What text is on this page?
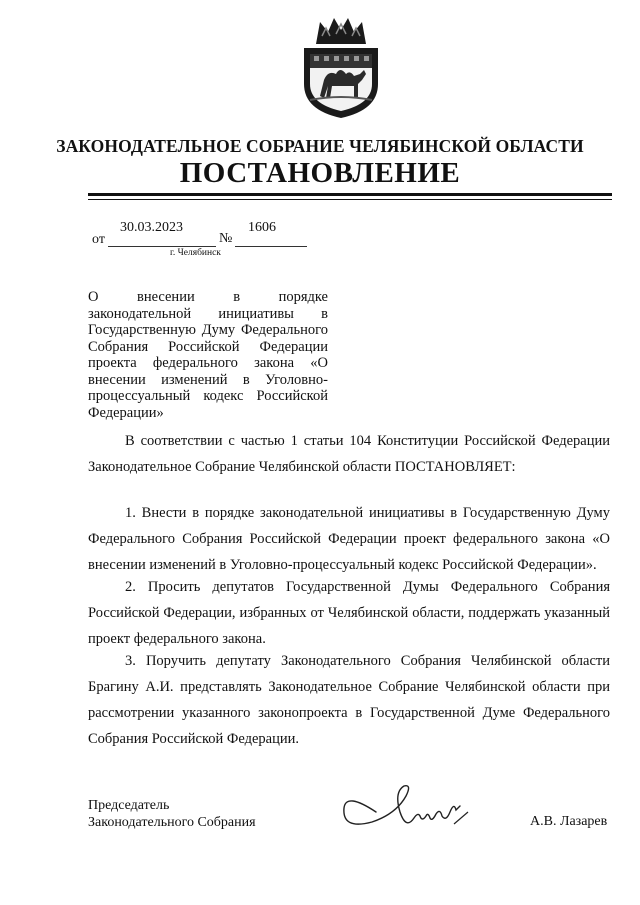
ЗАКОНОДАТЕЛЬНОЕ СОБРАНИЕ ЧЕЛЯБИНСКОЙ ОБЛАСТИ
ПОСТАНОВЛЕНИЕ
от
30.03.2023
№
1606
г. Челябинск
О внесении в порядке законодательной инициативы в Государственную Думу Федерального Собрания Российской Федерации проекта федерального закона «О внесении изменений в Уголовно-процессуальный кодекс Российской Федерации»

В соответствии с частью 1 статьи 104 Конституции Российской Федерации Законодательное Собрание Челябинской области ПОСТАНОВЛЯЕТ:

1. Внести в порядке законодательной инициативы в Государственную Думу Федерального Собрания Российской Федерации проект федерального закона «О внесении изменений в Уголовно-процессуальный кодекс Российской Федерации».

2. Просить депутатов Государственной Думы Федерального Собрания Российской Федерации, избранных от Челябинской области, поддержать указанный проект федерального закона.

3. Поручить депутату Законодательного Собрания Челябинской области Брагину А.И. представлять Законодательное Собрание Челябинской области при рассмотрении указанного законопроекта в Государственной Думе Федерального Собрания Российской Федерации.

Председатель
Законодательного Собрания	А.В. Лазарев
